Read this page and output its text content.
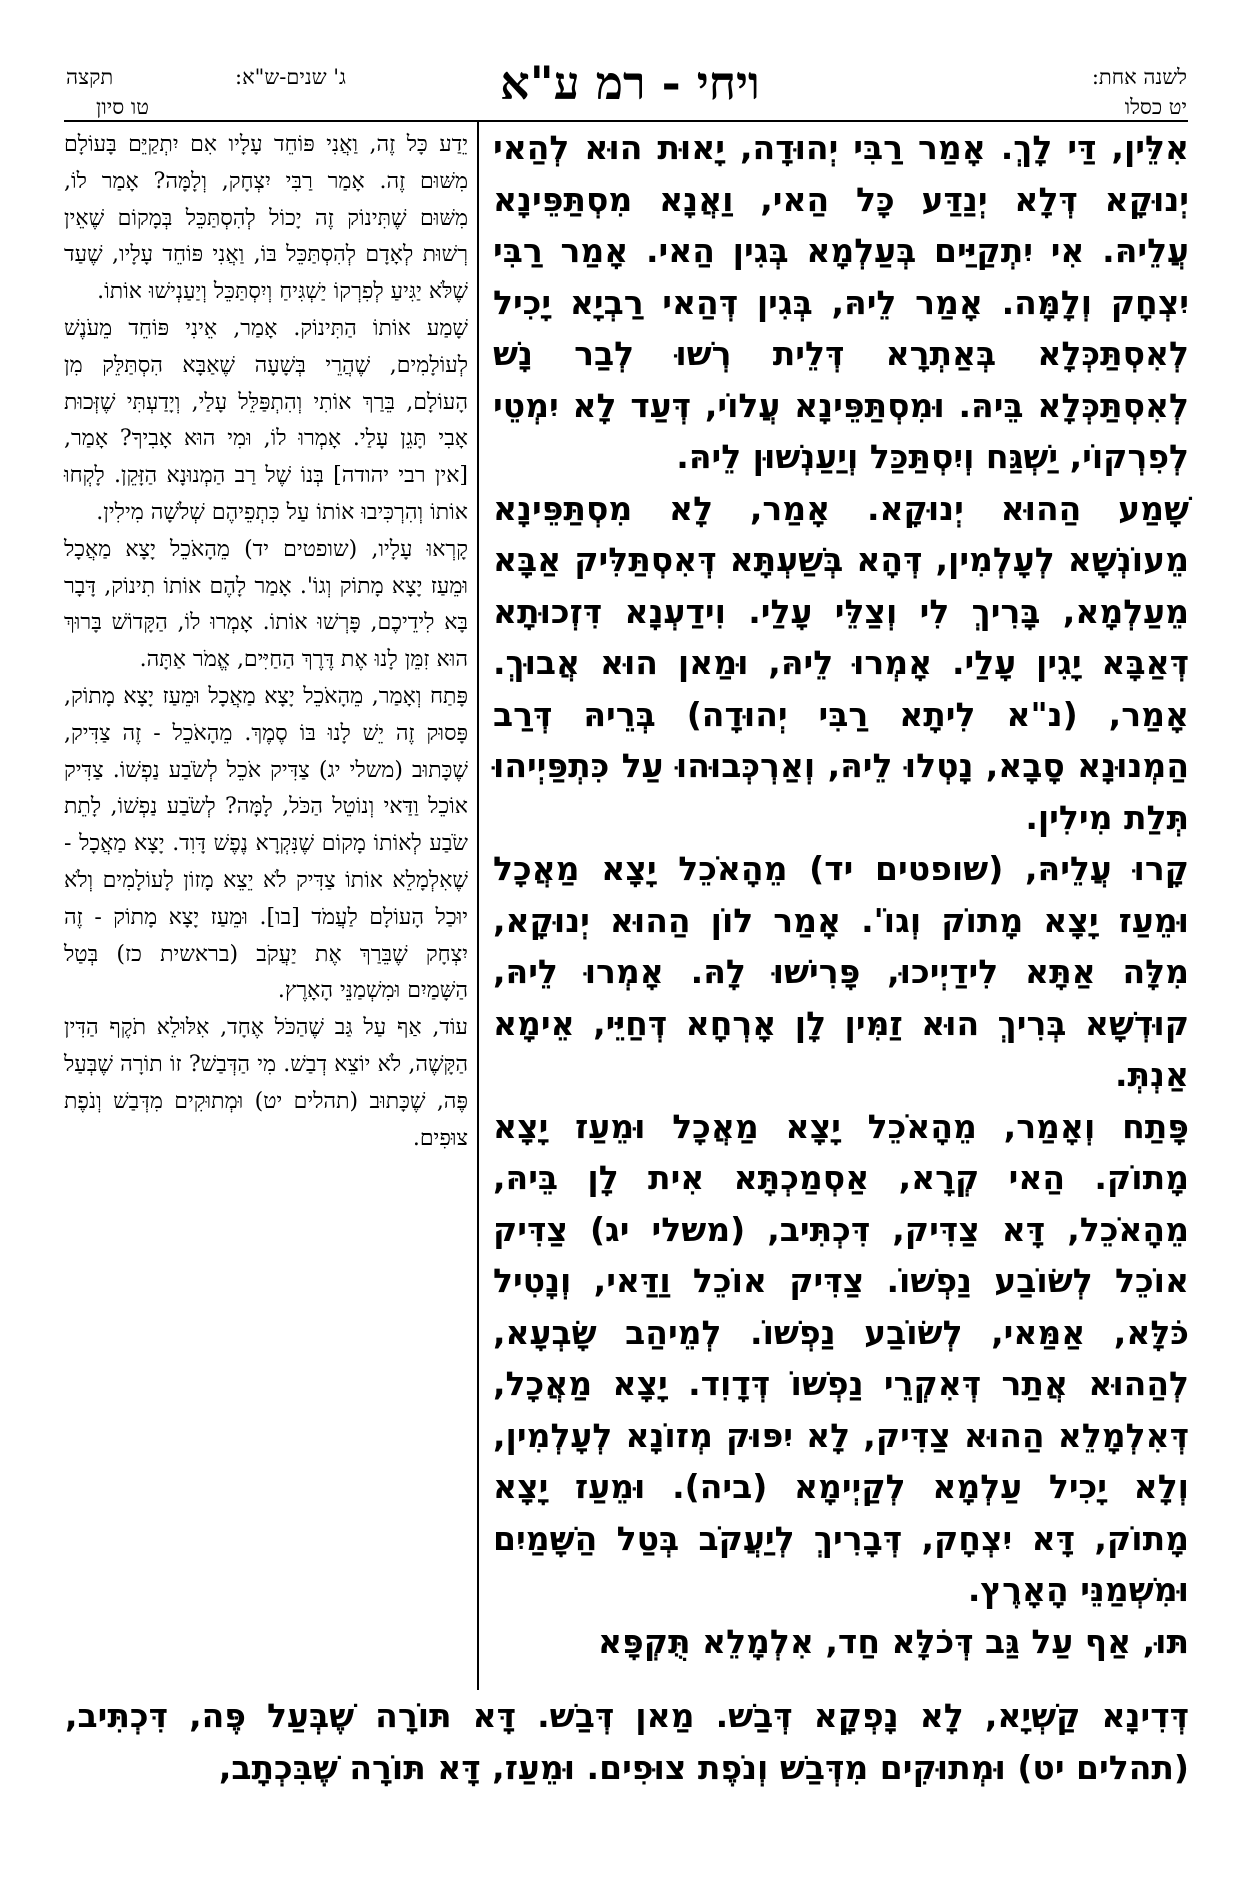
לשנה אחת:
יט כסלו
ויחי - רמ ע"א
ג' שנים-ש"א:
תקצה
טו סיון

אִלֵּין, דַּי לָךְ. אָמַר רַבִּי יְהוּדָה, יָאוּת הוּא לְהַאי יְנוּקָא דְּלָא יְנַדַּע כָּל הַאי, וַאֲנָא מִסְתַּפֵּינָא עֲלֵיהּ. אִי יִתְקַיַּים בְּעַלְמָא בְּגִין הַאי. אָמַר רַבִּי יִצְחָק וְלָמָּה. אָמַר לֵיהּ, בְּגִין דְּהַאי רַבְיָא יָכִיל לְאִסְתַּכְּלָא בְּאַתְרָא דְּלֵית רְשׁוּ לְבַר נָשׁ לְאִסְתַּכְּלָא בֵּיהּ. וּמִסְתַּפֵּינָא עֲלוֹי, דְּעַד לָא יִמְטֵי לְפִרְקוֹי, יַשְׁגַּח וְיִסְתַּכַּל וְיַעַנְשׁוּן לֵיהּ.

שָׁמַע הַהוּא יְנוּקָא. אָמַר, לָא מִסְתַּפֵּינָא מֵעוֹנְשָׁא לְעָלְמִין, דְּהָא בְּשַׁעְתָּא דְּאִסְתַּלִּיק אַבָּא מֵעַלְמָא, בָּרִיךְ לִי וְצַלֵּי עָלַי. וִידַעְנָא דִּזְכוּתָא דְּאַבָּא יָגִין עָלַי. אָמְרוּ לֵיהּ, וּמַאן הוּא אֲבוּךְ. אָמַר, (נ"א לִיתָא רַבִּי יְהוּדָה) בְּרֵיהּ דְּרַב הַמְנוּנָא סָבָא, נָטְלוּ לֵיהּ, וְאַרְכְּבוּהוּ עַל כִּתְפַּיְיהוּ תְּלַת מִילִין.

קָרוּ עֲלֵיהּ, (שופטים יד) מֵהָאֹכֵל יָצָא מַאֲכָל וּמֵעַז יָצָא מָתוֹק וְגוֹ'. אָמַר לוֹן הַהוּא יְנוּקָא, מִלָּה אַתָּא לִידַיְיכוּ, פָּרִישׁוּ לָהּ. אָמְרוּ לֵיהּ, קוּדְשָׁא בְּרִיךְ הוּא זַמִּין לָן אָרְחָא דְּחַיֵּי, אֵימָא אַנְתְּ.

פָּתַח וְאָמַר, מֵהָאֹכֵל יָצָא מַאֲכָל וּמֵעַז יָצָא מָתוֹק. הַאי קְרָא, אַסְמַכְתָּא אִית לָן בֵּיהּ, מֵהָאֹכֵל, דָּא צַדִּיק, דִּכְתִּיב, (משלי יג) צַדִּיק אוֹכֵל לְשׂוֹבַע נַפְשׁוֹ. צַדִּיק אוֹכֵל וַדַּאי, וְנָטִיל כֹּלָּא, אַמַּאי, לְשׂוֹבַע נַפְשׁוֹ. לְמֵיהַב שָׂבְעָא, לְהַהוּא אֲתַר דְּאִקְרֵי נַפְשׁוֹ דְּדָוִד. יָצָא מַאֲכָל, דְּאִלְמָלֵא הַהוּא צַדִּיק, לָא יִפּוּק מְזוֹנָא לְעָלְמִין, וְלָא יָכִיל עַלְמָא לְקַיְימָא (ביה). וּמֵעַז יָצָא מָתוֹק, דָּא יִצְחָק, דְּבָרִיךְ לְיַעֲקֹב בְּטַל הַשָּׁמַיִם וּמִשְׁמַנֵּי הָאָרֶץ.

תּוּ, אַף עַל גַּב דְּכֹלָּא חַד, אִלְמָלֵא תֻּקְפָּא

יֵדַע כָּל זֶה, וַאֲנִי פּוֹחֵד עָלָיו אִם יִתְקַיֵּם בָּעוֹלָם מִשּׁוּם זֶה. אָמַר רַבִּי יִצְחָק, וְלָמָּה? אָמַר לוֹ, מִשּׁוּם שֶׁתִּינוֹק זֶה יָכוֹל לְהִסְתַּכֵּל בְּמָקוֹם שֶׁאֵין רְשׁוּת לְאָדָם לְהִסְתַּכֵּל בּוֹ, וַאֲנִי פּוֹחֵד עָלָיו, שֶׁעַד שֶׁלֹּא יַגִּיעַ לְפִרְקוֹ יַשְׁגִּיחַ וְיִסְתַּכֵּל וְיַעַנְישׁוּ אוֹתוֹ.

שָׁמַע אוֹתוֹ הַתִּינוֹק. אָמַר, אֵינִי פּוֹחֵד מֵעֹנֶשׁ לְעוֹלָמִים, שֶׁהֲרֵי בְּשָׁעָה שֶׁאַבָּא הִסְתַּלֵּק מִן הָעוֹלָם, בֵּרַךְ אוֹתִי וְהִתְפַּלֵּל עָלַי, וְיָדַעְתִּי שֶׁזְּכוּת אָבִי תָּגֵן עָלַי. אָמְרוּ לוֹ, וּמִי הוּא אָבִיךָ? אָמַר, [אין רבי יהודה] בְּנוֹ שֶׁל רַב הַמְנוּנָא הַזָּקֵן. לָקְחוּ אוֹתוֹ וְהִרְכִּיבוּ אוֹתוֹ עַל כִּתְפֵיהֶם שְׁלֹשָׁה מִילִין.

קָרְאוּ עָלָיו, (שופטים יד) מֵהָאֹכֵל יָצָא מַאֲכָל וּמֵעַז יָצָא מָתוֹק וְגוֹ'. אָמַר לָהֶם אוֹתוֹ תִינוֹק, דָּבָר בָּא לִידֵיכֶם, פָּרְשׁוּ אוֹתוֹ. אָמְרוּ לוֹ, הַקָּדוֹשׁ בָּרוּךְ הוּא זִמֵּן לָנוּ אֶת דֶּרֶךְ הַחַיִּים, אֱמֹר אַתָּה.

פָּתַח וְאָמַר, מֵהָאֹכֵל יָצָא מַאֲכָל וּמֵעַז יָצָא מָתוֹק, פָּסוּק זֶה יֵשׁ לָנוּ בּוֹ סֶמֶךְ. מֵהָאֹכֵל - זֶה צַדִּיק, שֶׁכָּתוּב (משלי יג) צַדִּיק אֹכֵל לְשֹׂבַע נַפְשׁוֹ. צַדִּיק אוֹכֵל וַדַּאי וְנוֹטֵל הַכֹּל, לָמָּה? לְשֹׂבַע נַפְשׁוֹ, לָתֵת שֹׂבַע לְאוֹתוֹ מָקוֹם שֶׁנִּקְרָא נֶפֶשׁ דָּוִד. יָצָא מַאֲכָל - שֶׁאִלְמָלֵא אוֹתוֹ צַדִּיק לֹא יֵצֵא מָזוֹן לָעוֹלָמִים וְלֹא יוּכַל הָעוֹלָם לַעֲמֹד [בו]. וּמֵעַז יָצָא מָתוֹק - זֶה יִצְחָק שֶׁבֵּרַךְ אֶת יַעֲקֹב (בראשית כז) בְּטַל הַשָּׁמַיִם וּמִשְׁמַנֵּי הָאָרֶץ.

עוֹד, אַף עַל גַּב שֶׁהַכֹּל אֶחָד, אִלּוּלֵא תֹקֶף הַדִּין הַקָּשֶׁה, לֹא יוֹצֵא דְבַשׁ. מִי הַדְּבַשׁ? זוֹ תוֹרָה שֶׁבְּעַל פֶּה, שֶׁכָּתוּב (תהלים יט) וּמְתוּקִים מִדְּבַשׁ וְנֹפֶת צוּפִים.

דְּדִינָא קַשְׁיָא, לָא נָפְקָא דְּבַשׁ. מַאן דְּבַשׁ. דָּא תּוֹרָה שֶׁבְּעַל פֶּה, דִּכְתִּיב, (תהלים יט) וּמְתוּקִים מִדְּבַשׁ וְנֹפֶת צוּפִים. וּמֵעַז, דָּא תּוֹרָה שֶׁבִּכְתָב,
